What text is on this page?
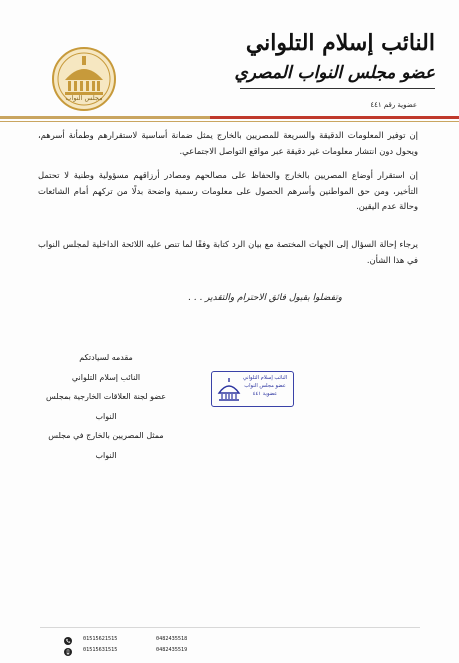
النائب إسلام التلواني
عضو مجلس النواب المصري
عضوية رقم ٤٤١
مجلس النواب
إن توفير المعلومات الدقيقة والسريعة للمصريين بالخارج يمثل ضمانة أساسية لاستقرارهم وطمأنة أسرهم، ويحول دون انتشار معلومات غير دقيقة عبر مواقع التواصل الاجتماعي.
إن استقرار أوضاع المصريين بالخارج والحفاظ على مصالحهم ومصادر أرزاقهم مسؤولية وطنية لا تحتمل التأخير، ومن حق المواطنين وأسرهم الحصول على معلومات رسمية واضحة بدلًا من تركهم أمام الشائعات وحالة عدم اليقين.
يرجاء إحالة السؤال إلى الجهات المختصة مع بيان الرد كتابة وفقًا لما تنص عليه اللائحة الداخلية لمجلس النواب في هذا الشأن.
وتفضلوا بقبول فائق الاحترام والتقدير . . .
مقدمه لسيادتكم
النائب إسلام التلواني
عضو لجنة العلاقات الخارجية بمجلس النواب
ممثل المصريين بالخارج في مجلس النواب
النائب إسلام التلواني
عضو مجلس النواب
عضوية ٤٤١
01515621515
01515631515
0482435518
0482435519
